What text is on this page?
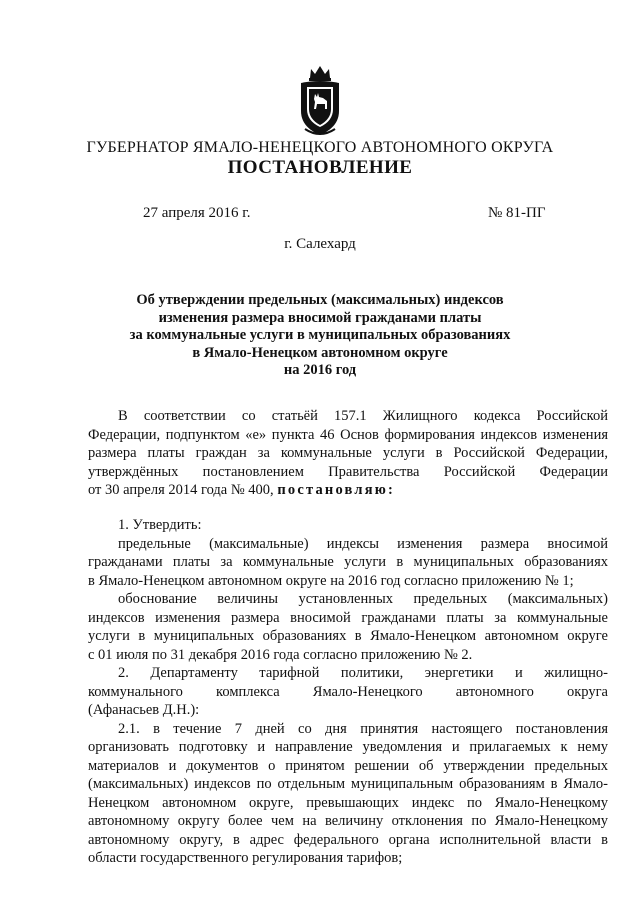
ГУБЕРНАТОР ЯМАЛО-НЕНЕЦКОГО АВТОНОМНОГО ОКРУГА
ПОСТАНОВЛЕНИЕ
27 апреля 2016 г.	№ 81-ПГ
г. Салехард
Об утверждении предельных (максимальных) индексов
изменения размера вносимой гражданами платы
за коммунальные услуги в муниципальных образованиях
в Ямало-Ненецком автономном округе
на 2016 год
В соответствии со статьёй 157.1 Жилищного кодекса Российской
Федерации, подпунктом «е» пункта 46 Основ формирования индексов изменения
размера платы граждан за коммунальные услуги в Российской Федерации,
утверждённых постановлением Правительства Российской Федерации
от 30 апреля 2014 года № 400, постановляю:
1. Утвердить:
предельные (максимальные) индексы изменения размера вносимой
гражданами платы за коммунальные услуги в муниципальных образованиях
в Ямало-Ненецком автономном округе на 2016 год согласно приложению № 1;
обоснование величины установленных предельных (максимальных)
индексов изменения размера вносимой гражданами платы за коммунальные
услуги в муниципальных образованиях в Ямало-Ненецком автономном округе
с 01 июля по 31 декабря 2016 года согласно приложению № 2.
2. Департаменту тарифной политики, энергетики и жилищно-
коммунального комплекса Ямало-Ненецкого автономного округа
(Афанасьев Д.Н.):
2.1. в течение 7 дней со дня принятия настоящего постановления
организовать подготовку и направление уведомления и прилагаемых к нему
материалов и документов о принятом решении об утверждении предельных
(максимальных) индексов по отдельным муниципальным образованиям в Ямало-
Ненецком автономном округе, превышающих индекс по Ямало-Ненецкому
автономному округу более чем на величину отклонения по Ямало-Ненецкому
автономному округу, в адрес федерального органа исполнительной власти в
области государственного регулирования тарифов;
